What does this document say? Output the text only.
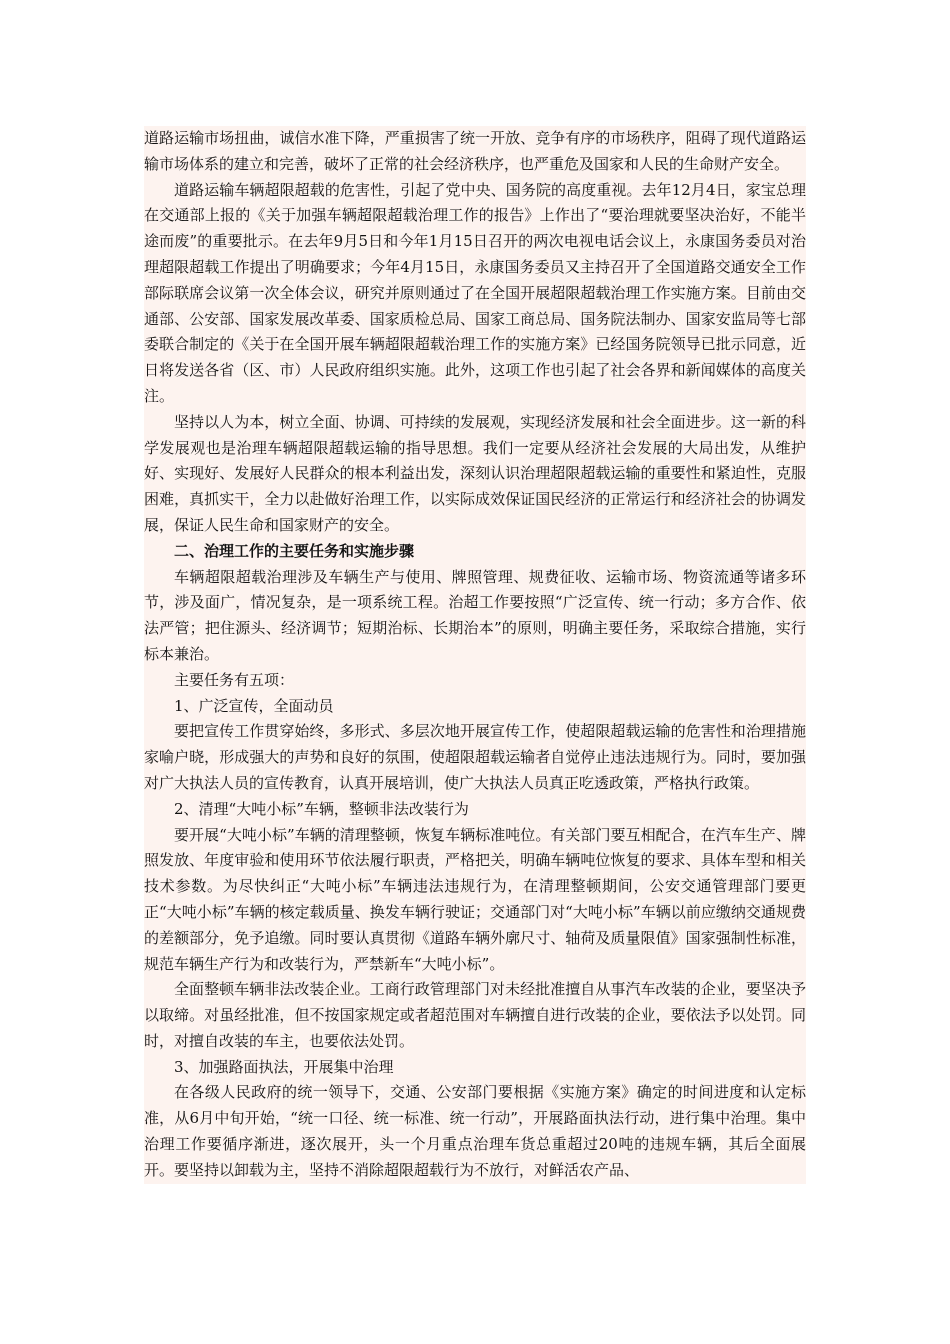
道路运输市场扭曲，诚信水准下降，严重损害了统一开放、竞争有序的市场秩序，阻碍了现代道路运输市场体系的建立和完善，破坏了正常的社会经济秩序，也严重危及国家和人民的生命财产安全。

道路运输车辆超限超载的危害性，引起了党中央、国务院的高度重视。去年12月4日，家宝总理在交通部上报的《关于加强车辆超限超载治理工作的报告》上作出了“要治理就要坚决治好，不能半途而废”的重要批示。在去年9月5日和今年1月15日召开的两次电视电话会议上，永康国务委员对治理超限超载工作提出了明确要求；今年4月15日，永康国务委员又主持召开了全国道路交通安全工作部际联席会议第一次全体会议，研究并原则通过了在全国开展超限超载治理工作实施方案。目前由交通部、公安部、国家发展改革委、国家质检总局、国家工商总局、国务院法制办、国家安监局等七部委联合制定的《关于在全国开展车辆超限超载治理工作的实施方案》已经国务院领导已批示同意，近日将发送各省（区、市）人民政府组织实施。此外，这项工作也引起了社会各界和新闻媒体的高度关注。

坚持以人为本，树立全面、协调、可持续的发展观，实现经济发展和社会全面进步。这一新的科学发展观也是治理车辆超限超载运输的指导思想。我们一定要从经济社会发展的大局出发，从维护好、实现好、发展好人民群众的根本利益出发，深刻认识治理超限超载运输的重要性和紧迫性，克服困难，真抓实干，全力以赴做好治理工作，以实际成效保证国民经济的正常运行和经济社会的协调发展，保证人民生命和国家财产的安全。

二、治理工作的主要任务和实施步骤

车辆超限超载治理涉及车辆生产与使用、牌照管理、规费征收、运输市场、物资流通等诸多环节，涉及面广，情况复杂，是一项系统工程。治超工作要按照“广泛宣传、统一行动；多方合作、依法严管；把住源头、经济调节；短期治标、长期治本”的原则，明确主要任务，采取综合措施，实行标本兼治。

主要任务有五项：

1、广泛宣传，全面动员

要把宣传工作贯穿始终，多形式、多层次地开展宣传工作，使超限超载运输的危害性和治理措施家喻户晓，形成强大的声势和良好的氛围，使超限超载运输者自觉停止违法违规行为。同时，要加强对广大执法人员的宣传教育，认真开展培训，使广大执法人员真正吃透政策，严格执行政策。

2、清理“大吨小标”车辆，整顿非法改装行为

要开展“大吨小标”车辆的清理整顿，恢复车辆标准吨位。有关部门要互相配合，在汽车生产、牌照发放、年度审验和使用环节依法履行职责，严格把关，明确车辆吨位恢复的要求、具体车型和相关技术参数。为尽快纠正“大吨小标”车辆违法违规行为，在清理整顿期间，公安交通管理部门要更正“大吨小标”车辆的核定载质量、换发车辆行驶证；交通部门对“大吨小标”车辆以前应缴纳交通规费的差额部分，免予追缴。同时要认真贯彻《道路车辆外廓尺寸、轴荷及质量限值》国家强制性标准，规范车辆生产行为和改装行为，严禁新车“大吨小标”。

全面整顿车辆非法改装企业。工商行政管理部门对未经批准擅自从事汽车改装的企业，要坚决予以取缔。对虽经批准，但不按国家规定或者超范围对车辆擅自进行改装的企业，要依法予以处罚。同时，对擅自改装的车主，也要依法处罚。

3、加强路面执法，开展集中治理

在各级人民政府的统一领导下，交通、公安部门要根据《实施方案》确定的时间进度和认定标准，从6月中旬开始，“统一口径、统一标准、统一行动”，开展路面执法行动，进行集中治理。集中治理工作要循序渐进，逐次展开，头一个月重点治理车货总重超过20吨的违规车辆，其后全面展开。要坚持以卸载为主，坚持不消除超限超载行为不放行，对鲜活农产品、
